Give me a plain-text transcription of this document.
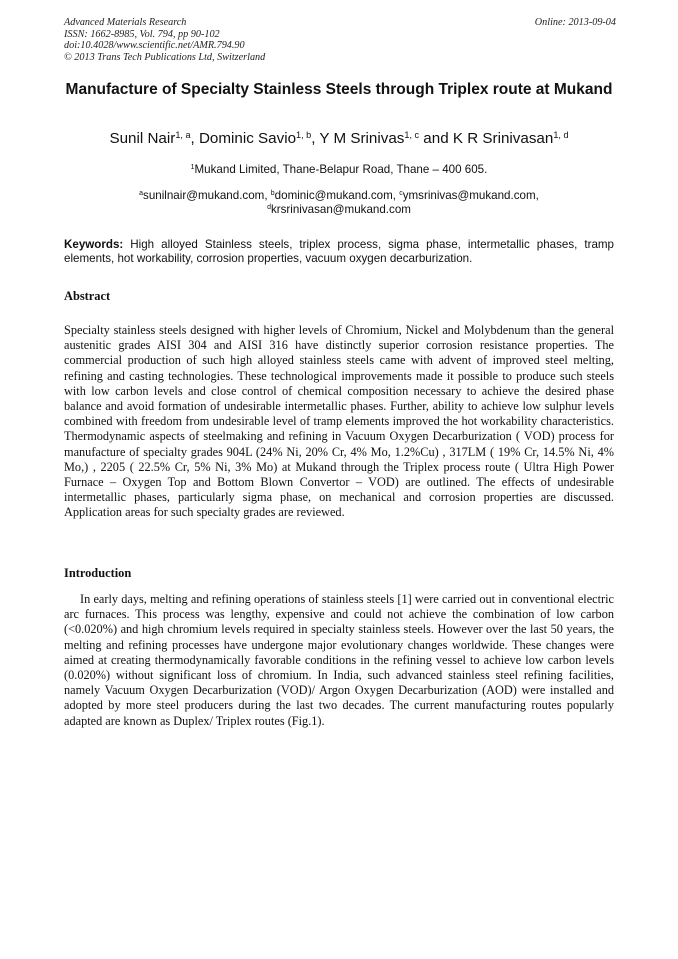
Advanced Materials Research
ISSN: 1662-8985, Vol. 794, pp 90-102
doi:10.4028/www.scientific.net/AMR.794.90
© 2013 Trans Tech Publications Ltd, Switzerland
Online: 2013-09-04
Manufacture of Specialty Stainless Steels through Triplex route at Mukand
Sunil Nair$^{1, a}$, Dominic Savio$^{1, b}$, Y M Srinivas$^{1, c}$ and K R Srinivasan$^{1, d}$
$^1$Mukand Limited, Thane-Belapur Road, Thane – 400 605.
$^a$sunilnair@mukand.com, $^b$dominic@mukand.com, $^c$ymsrinivas@mukand.com,
$^d$krsrinivasan@mukand.com
Keywords: High alloyed Stainless steels, triplex process, sigma phase, intermetallic phases, tramp elements, hot workability, corrosion properties, vacuum oxygen decarburization.
Abstract
Specialty stainless steels designed with higher levels of Chromium, Nickel and Molybdenum than the general austenitic grades AISI 304 and AISI 316 have distinctly superior corrosion resistance properties. The commercial production of such high alloyed stainless steels came with advent of improved steel melting, refining and casting technologies. These technological improvements made it possible to produce such steels with low carbon levels and close control of chemical composition necessary to achieve the desired phase balance and avoid formation of undesirable intermetallic phases. Further, ability to achieve low sulphur levels combined with freedom from undesirable level of tramp elements improved the hot workability characteristics. Thermodynamic aspects of steelmaking and refining in Vacuum Oxygen Decarburization ( VOD) process for manufacture of specialty grades 904L (24% Ni, 20% Cr, 4% Mo, 1.2%Cu) , 317LM ( 19% Cr, 14.5% Ni, 4% Mo,) , 2205 ( 22.5% Cr, 5% Ni, 3% Mo) at Mukand through the Triplex process route ( Ultra High Power Furnace – Oxygen Top and Bottom Blown Convertor – VOD) are outlined. The effects of undesirable intermetallic phases, particularly sigma phase, on mechanical and corrosion properties are discussed. Application areas for such specialty grades are reviewed.
Introduction
In early days, melting and refining operations of stainless steels [1] were carried out in conventional electric arc furnaces. This process was lengthy, expensive and could not achieve the combination of low carbon (<0.020%) and high chromium levels required in specialty stainless steels. However over the last 50 years, the melting and refining processes have undergone major evolutionary changes worldwide. These changes were aimed at creating thermodynamically favorable conditions in the refining vessel to achieve low carbon levels (0.020%) without significant loss of chromium. In India, such advanced stainless steel refining facilities, namely Vacuum Oxygen Decarburization (VOD)/ Argon Oxygen Decarburization (AOD) were installed and adopted by more steel producers during the last two decades. The current manufacturing routes popularly adapted are known as Duplex/ Triplex routes (Fig.1).
